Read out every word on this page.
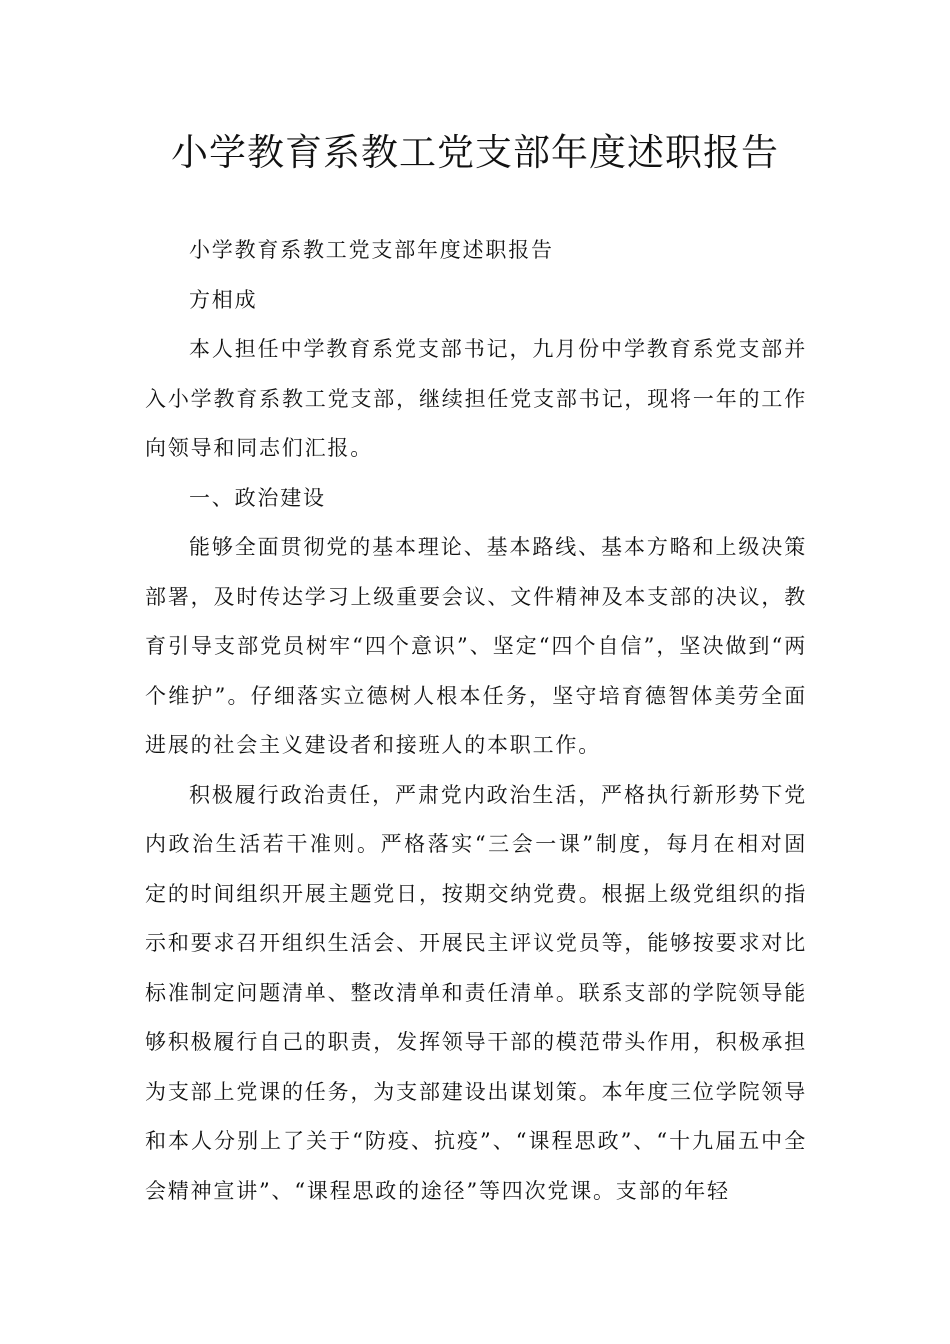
小学教育系教工党支部年度述职报告

小学教育系教工党支部年度述职报告

方相成

本人担任中学教育系党支部书记，九月份中学教育系党支部并入小学教育系教工党支部，继续担任党支部书记，现将一年的工作向领导和同志们汇报。

一、政治建设

能够全面贯彻党的基本理论、基本路线、基本方略和上级决策部署，及时传达学习上级重要会议、文件精神及本支部的决议，教育引导支部党员树牢“四个意识”、坚定“四个自信”，坚决做到“两个维护”。仔细落实立德树人根本任务，坚守培育德智体美劳全面进展的社会主义建设者和接班人的本职工作。

积极履行政治责任，严肃党内政治生活，严格执行新形势下党内政治生活若干准则。严格落实“三会一课”制度，每月在相对固定的时间组织开展主题党日，按期交纳党费。根据上级党组织的指示和要求召开组织生活会、开展民主评议党员等，能够按要求对比标准制定问题清单、整改清单和责任清单。联系支部的学院领导能够积极履行自己的职责，发挥领导干部的模范带头作用，积极承担为支部上党课的任务，为支部建设出谋划策。本年度三位学院领导和本人分别上了关于“防疫、抗疫”、“课程思政”、“十九届五中全会精神宣讲”、“课程思政的途径”等四次党课。支部的年轻
